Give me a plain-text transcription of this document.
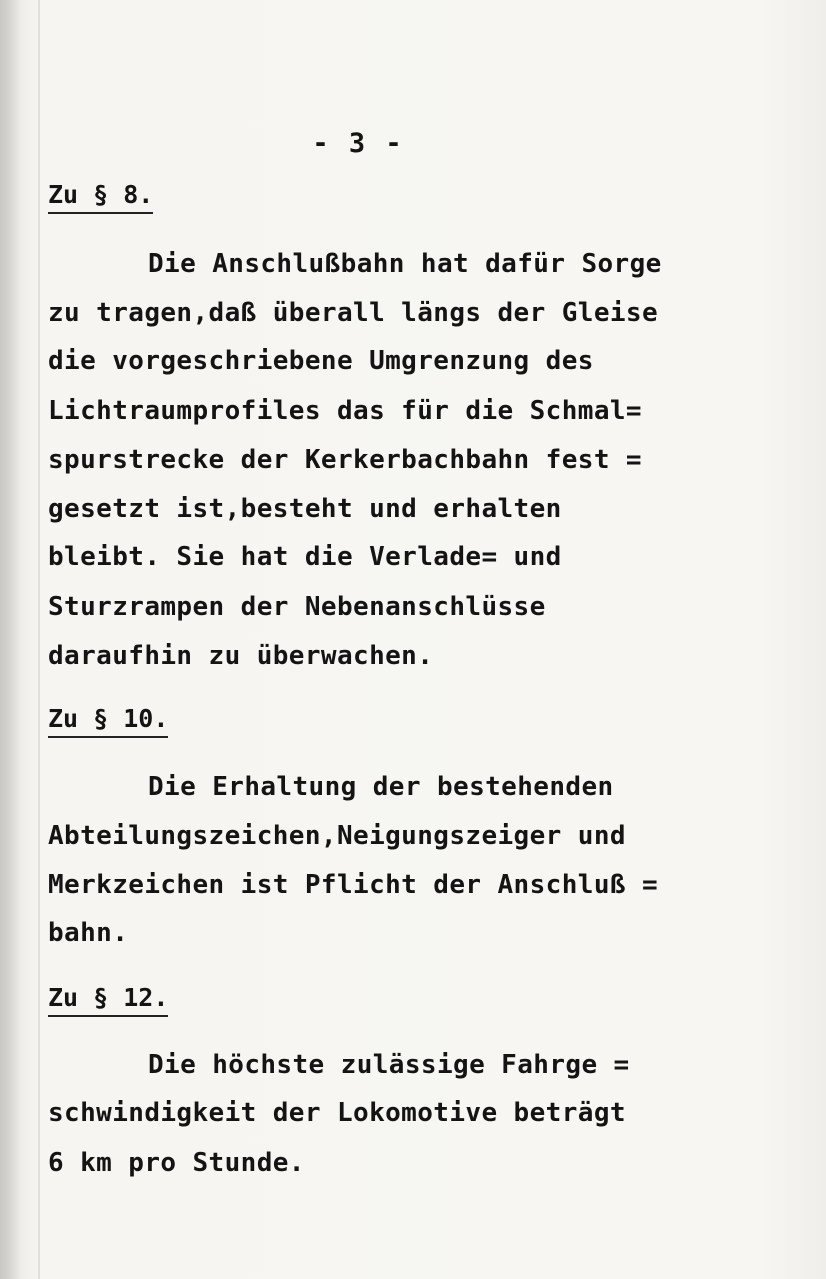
- 3 -
Zu § 8.
Die Anschlußbahn hat dafür Sorge
zu tragen,daß überall längs der Gleise
die vorgeschriebene Umgrenzung des
Lichtraumprofiles das für die Schmal=
spurstrecke der Kerkerbachbahn fest =
gesetzt ist,besteht und erhalten
bleibt. Sie hat die Verlade= und
Sturzrampen der Nebenanschlüsse
daraufhin zu überwachen.
Zu § 10.
Die Erhaltung der bestehenden
Abteilungszeichen,Neigungszeiger und
Merkzeichen ist Pflicht der Anschluß =
bahn.
Zu § 12.
Die höchste zulässige Fahrge =
schwindigkeit der Lokomotive beträgt
6 km pro Stunde.
